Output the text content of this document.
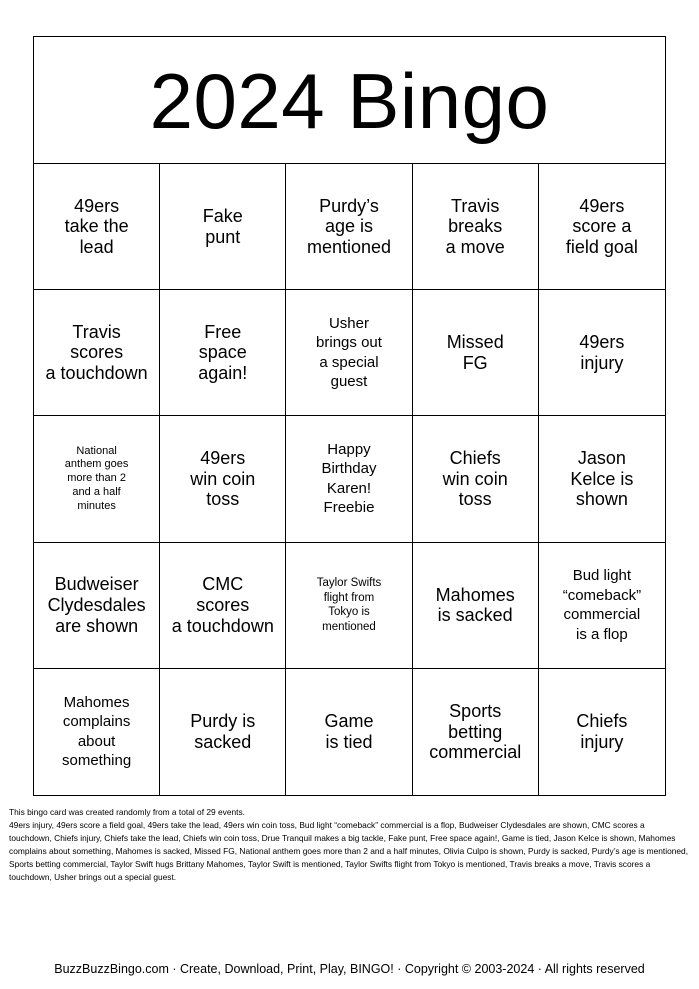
2024 Bingo
49ers
take the
lead
Fake
punt
Purdy’s
age is
mentioned
Travis
breaks
a move
49ers
score a
field goal
Travis
scores
a touchdown
Free
space
again!
Usher
brings out
a special
guest
Missed
FG
49ers
injury
National
anthem goes
more than 2
and a half
minutes
49ers
win coin
toss
Happy
Birthday
Karen!
Freebie
Chiefs
win coin
toss
Jason
Kelce is
shown
Budweiser
Clydesdales
are shown
CMC
scores
a touchdown
Taylor Swifts
flight from
Tokyo is
mentioned
Mahomes
is sacked
Bud light
“comeback”
commercial
is a flop
Mahomes
complains
about
something
Purdy is
sacked
Game
is tied
Sports
betting
commercial
Chiefs
injury
This bingo card was created randomly from a total of 29 events.
49ers injury, 49ers score a field goal, 49ers take the lead, 49ers win coin toss, Bud light “comeback” commercial is a flop, Budweiser Clydesdales are shown, CMC scores a touchdown, Chiefs injury, Chiefs take the lead, Chiefs win coin toss, Drue Tranquil makes a big tackle, Fake punt, Free space again!, Game is tied, Jason Kelce is shown, Mahomes complains about something, Mahomes is sacked, Missed FG, National anthem goes more than 2 and a half minutes, Olivia Culpo is shown, Purdy is sacked, Purdy’s age is mentioned, Sports betting commercial, Taylor Swift hugs Brittany Mahomes, Taylor Swift is mentioned, Taylor Swifts flight from Tokyo is mentioned, Travis breaks a move, Travis scores a touchdown, Usher brings out a special guest.
BuzzBuzzBingo.com · Create, Download, Print, Play, BINGO! · Copyright © 2003-2024 · All rights reserved
